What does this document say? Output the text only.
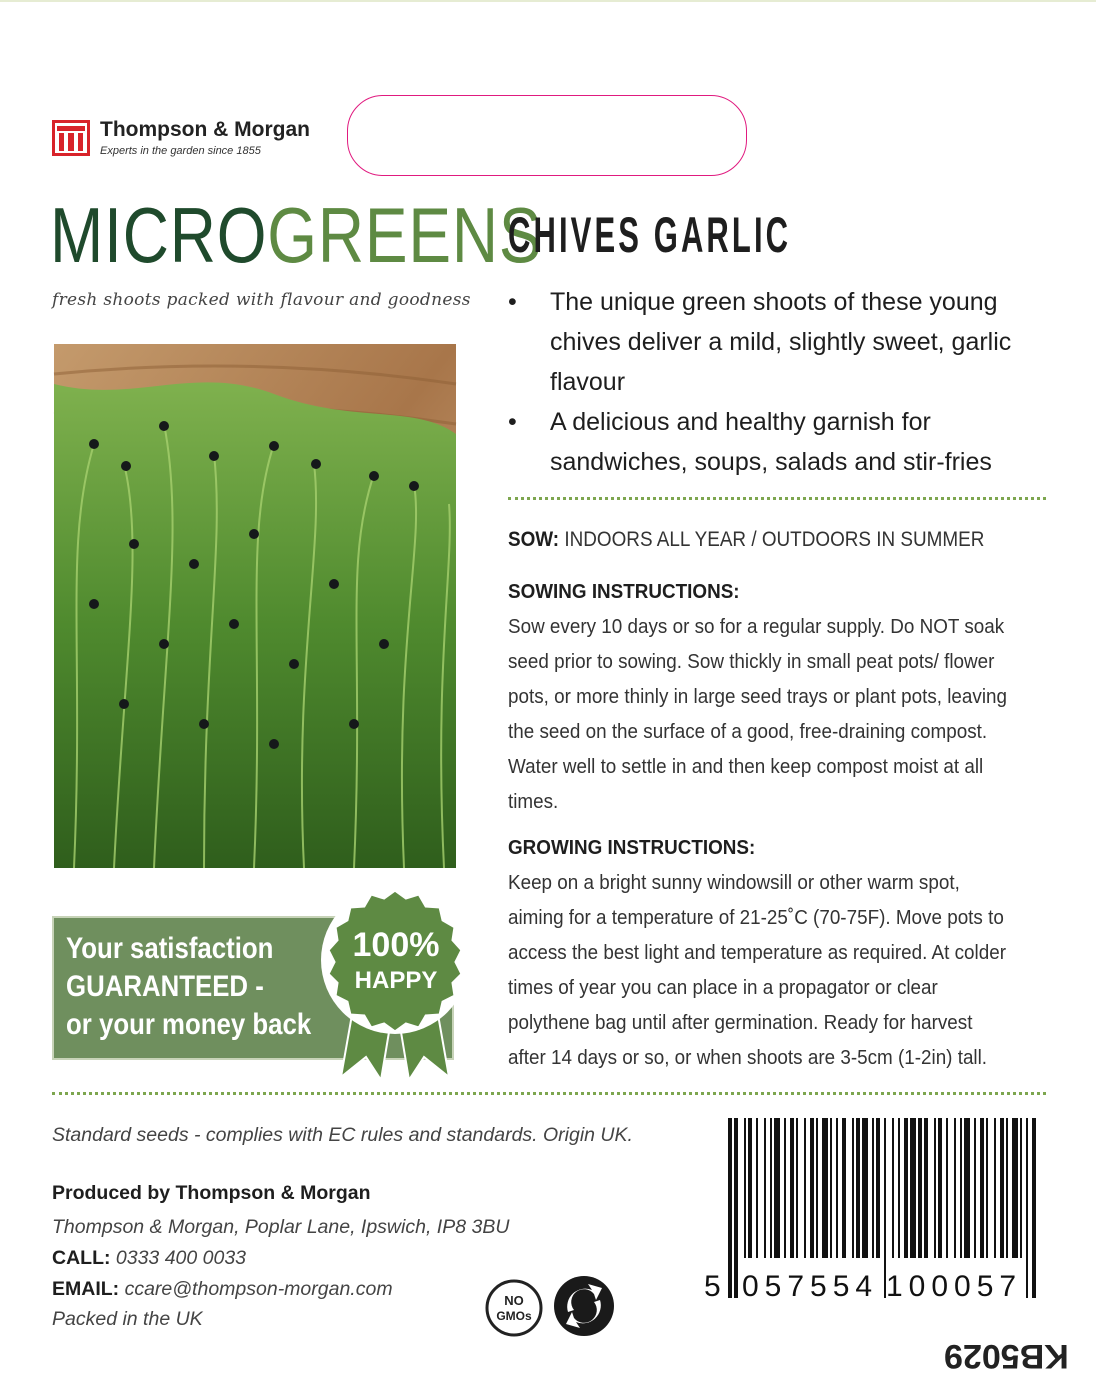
Thompson & Morgan
Experts in the garden since 1855
MICROGREENS
fresh shoots packed with flavour and goodness
Your satisfaction
GUARANTEED -
or your money back
100%
HAPPY
CHIVES GARLIC
• The unique green shoots of these young chives deliver a mild, slightly sweet, garlic flavour
• A delicious and healthy garnish for sandwiches, soups, salads and stir-fries
SOW: INDOORS ALL YEAR / OUTDOORS IN SUMMER
SOWING INSTRUCTIONS:
Sow every 10 days or so for a regular supply. Do NOT soak seed prior to sowing. Sow thickly in small peat pots/ flower pots, or more thinly in large seed trays or plant pots, leaving the seed on the surface of a good, free-draining compost. Water well to settle in and then keep compost moist at all times.
GROWING INSTRUCTIONS:
Keep on a bright sunny windowsill or other warm spot, aiming for a temperature of 21-25˚C (70-75F). Move pots to access the best light and temperature as required. At colder times of year you can place in a propagator or clear polythene bag until after germination. Ready for harvest after 14 days or so, or when shoots are 3-5cm (1-2in) tall.
Standard seeds - complies with EC rules and standards. Origin UK.
Produced by Thompson & Morgan
Thompson & Morgan, Poplar Lane, Ipswich, IP8 3BU
CALL: 0333 400 0033
EMAIL: ccare@thompson-morgan.com
Packed in the UK
NO
GMOs
5 057554 100057
KB5029
